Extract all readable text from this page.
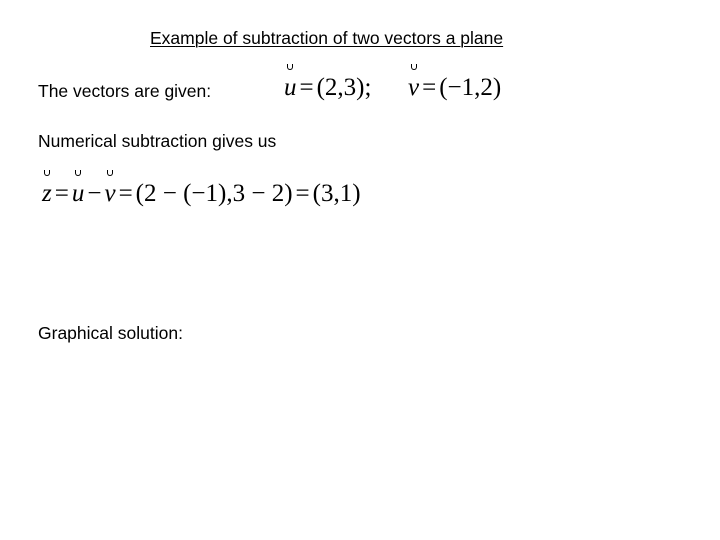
Example of subtraction of two vectors a plane
The vectors are given:	u = (2,3); v = (−1,2)
Numerical subtraction gives us
z = u − v = (2 − (−1),3 − 2) = (3,1)
Graphical solution:
